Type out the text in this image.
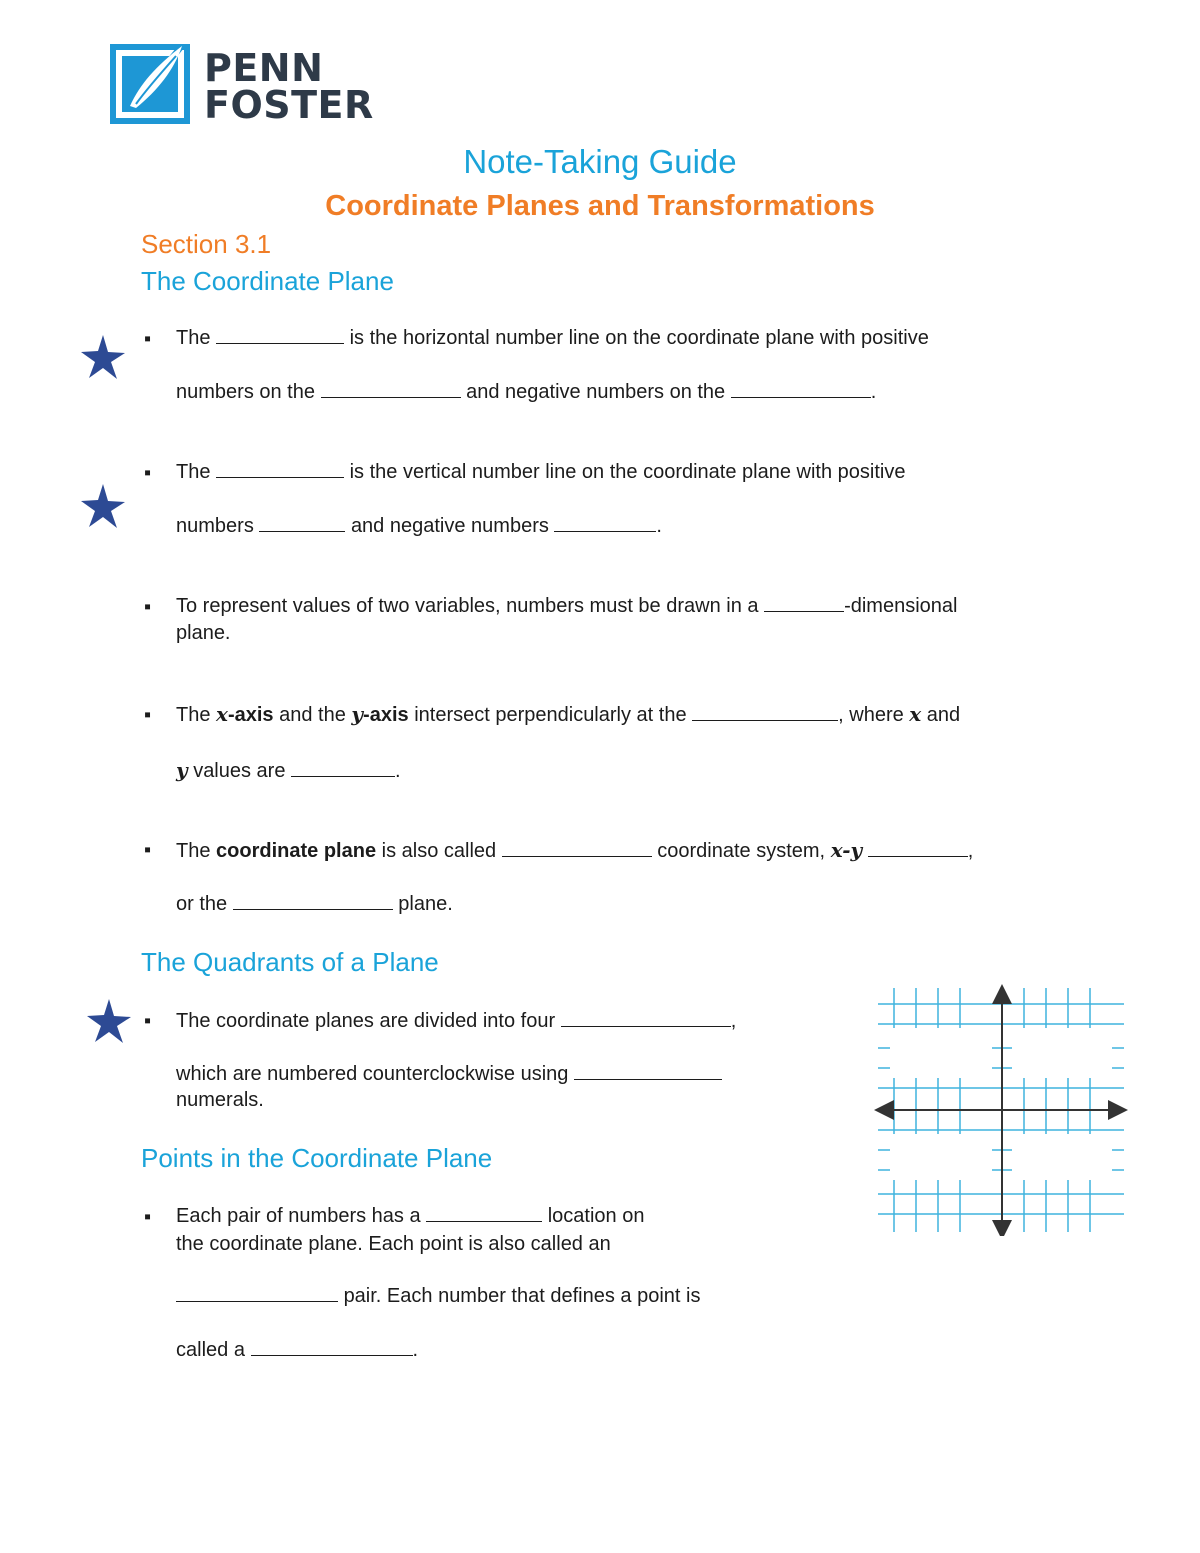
PENN
FOSTER
Note-Taking Guide
Coordinate Planes and Transformations
Section 3.1
The Coordinate Plane
▪ The	is the horizontal number line on the coordinate plane with positive
numbers on the	and negative numbers on the	.
▪ The	is the vertical number line on the coordinate plane with positive
numbers	and negative numbers	.
▪ To represent values of two variables, numbers must be drawn in a	-dimensional
plane.
▪ The x-axis and the y-axis intersect perpendicularly at the	, where x and
y values are	.
▪ The coordinate plane is also called	coordinate system, x-y	,
or the	plane.
The Quadrants of a Plane
▪ The coordinate planes are divided into four	,
which are numbered counterclockwise using
numerals.
Points in the Coordinate Plane
▪ Each pair of numbers has a	location on
the coordinate plane. Each point is also called an
pair. Each number that defines a point is
called a	.
